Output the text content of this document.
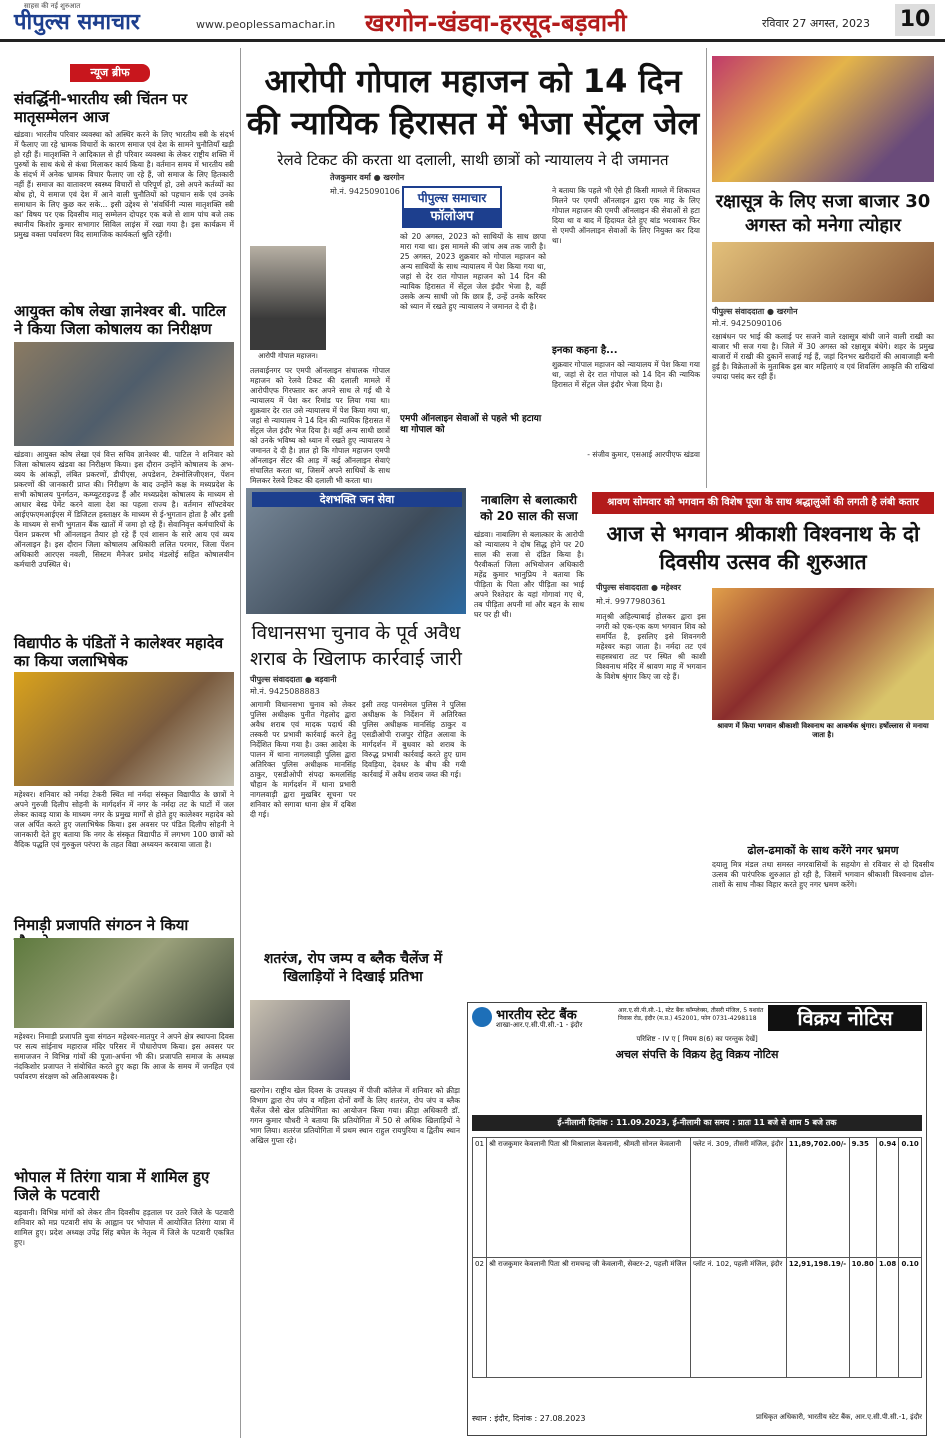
साहस की नई शुरुआत
पीपुल्स समाचार	www.peoplessamachar.in खरगोन-खंडवा-हरसूद-बड़वानी	रविवार 27 अगस्त, 2023 10
न्यूज ब्रीफ
संवर्द्धिनी-भारतीय स्त्री चिंतन पर मातृसम्मेलन आज
खंडवा। भारतीय परिवार व्यवस्था को अस्थिर करने के लिए भारतीय स्त्री के संदर्भ में फैलाए जा रहे भ्रामक विचारों के कारण समाज एवं देश के सामने चुनौतियाँ खड़ी हो रही हैं। मातृशक्ति ने आदिकाल से ही परिवार व्यवस्था के लेकर राष्ट्रीय शक्ति में पुरुषों के साथ कंधे से कंधा मिलाकर कार्य किया है। वर्तमान समय में भारतीय स्त्री के संदर्भ में अनेक भ्रामक विचार फैलाए जा रहे हैं, जो समाज के लिए हितकारी नहीं हैं। समाज का वातावरण स्वस्थ्य विचारों से परिपूर्ण हो, उसे अपने कर्तव्यों का बोध हो, ये समाज एवं देश में आने वाली चुनौतियों को पहचान सकें एवं उनके समाधान के लिए कुछ कर सके... इसी उद्देश्य से 'संवर्धिनी न्यास मातृशक्ति स्त्री का' विषय पर एक दिवसीय मातृ सम्मेलन दोपहर एक बजे से शाम पांच बजे तक स्थानीय किशोर कुमार सभागार सिविल लाइंस में रखा गया है। इस कार्यक्रम में प्रमुख वक्ता पर्यावरण विद सामाजिक कार्यकर्ता श्रुति रहेंगी।
आयुक्त कोष लेखा ज्ञानेश्वर बी. पाटिल ने किया जिला कोषालय का निरीक्षण
खंडवा। आयुक्त कोष लेखा एवं वित्त सचिव ज्ञानेश्वर बी. पाटिल ने शनिवार को जिला कोषालय खंडवा का निरीक्षण किया। इस दौरान उन्होंने कोषालय के अभ-व्यय के आंकड़ों, लंबित प्रकरणों, डीपीएस, अपडेशन, टेक्नोलिजीएशन, पेंशन प्रकरणों की जानकारी प्राप्त की। निरीक्षण के बाद उन्होंने कक्ष के मध्यप्रदेश के सभी कोषालय पुनर्गठन, कम्प्यूटराइज्ड हैं और मध्यप्रदेश कोषालय के माध्यम से आधार बेस्ड पेमेंट करने वाला देश का पहला राज्य है। वर्तमान सॉफ्टवेयर आईएफएमआईएस में डिजिटल हस्ताक्षर के माध्यम से ई-भुगतान होता है और इसी के माध्यम से सभी भुगतान बैंक खातों में जमा हो रहे हैं। सेवानिवृत्त कर्मचारियों के पेंशन प्रकरण भी ऑनलाइन तैयार हो रहे हैं एवं शासन के सारे आय एवं व्यय ऑनलाइन है। इस दौरान जिला कोषालय अधिकारी ललित परमार, जिला पेंशन अधिकारी आरएस नवली, सिस्टम मैनेजर प्रमोद मंडलोई सहित कोषालयीन कर्मचारी उपस्थित थे।
विद्यापीठ के पंडितों ने कालेश्वर महादेव का किया जलाभिषेक
महेश्वर। शनिवार को नर्मदा टेकरी स्थित मां नर्मदा संस्कृत विद्यापीठ के छात्रों ने अपने गुरुजी दिलीप सोहनी के मार्गदर्शन में नगर के नर्मदा तट के घाटों में जल लेकर कावड़ यात्रा के माध्यम नगर के प्रमुख मार्गों से होते हुए कालेश्वर महादेव को जल अर्पित करते हुए जलाभिषेक किया। इस अवसर पर पंडित दिलीप सोहनी ने जानकारी देते हुए बताया कि नगर के संस्कृत विद्यापीठ में लगभग 100 छात्रों को वैदिक पद्धति एवं गुरुकुल परंपरा के तहत विद्या अध्ययन करवाया जाता है।
निमाड़ी प्रजापति संगठन ने किया
महेश्वर। निमाड़ी प्रजापति युवा संगठन महेश्वर-मातपुर ने अपने क्षेत्र स्थापना दिवस पर सत्य सांईनाथ महाराज मंदिर परिसर में पौधारोपण किया। इस अवसर पर समाजजन ने विभिन्न गांवों की पूजा-अर्चना भी की। प्रजापति समाज के अध्यक्ष नंदकिशोर प्रजापत ने संबोधित करते हुए कहा कि आज के समय में जनहित एवं पर्यावरण संरक्षण को अतिआवश्यक है।
भोपाल में तिरंगा यात्रा में शामिल हुए जिले के पटवारी
बड़वानी। विभिन्न मांगों को लेकर तीन दिवसीय हड़ताल पर उतरे जिले के पटवारी शनिवार को मप्र पटवारी संघ के आह्वान पर भोपाल में आयोजित तिरंगा यात्रा में शामिल हुए। प्रदेश अध्यक्ष उपेंद्र सिंह बघेल के नेतृत्व में जिले के पटवारी एकत्रित हुए।
आरोपी गोपाल महाजन को 14 दिन की न्यायिक हिरासत में भेजा सेंट्रल जेल
रेलवे टिकट की करता था दलाली, साथी छात्रों को न्यायालय ने दी जमानत
तेजकुमार वर्मा ● खरगोन
मो.नं. 9425090106	पीपुल्स समाचार
फॉलोअप
आरोपी गोपाल महाजन।
तलवाईनगर पर एमपी ऑनलाइन संचालक गोपाल महाजन को रेलवे टिकट की दलाली मामले में आरोपीएफ गिरफ्तार कर अपने साथ ले गई थी ये न्यायालय में पेश कर रिमांड पर लिया गया था। शुक्रवार देर रात उसे न्यायालय में पेश किया गया था, जहां से न्यायालय ने 14 दिन की न्यायिक हिरासत में सेंट्रल जेल इंदौर भेज दिया है। वहीं अन्य साथी छात्रों को उनके भविष्य को ध्यान में रखते हुए न्यायालय ने जमानत दे दी है। ज्ञात हो कि गोपाल महाजन एमपी ऑनलाइन सेंटर की आड़ में कई ऑनलाइन सेवाएं संचालित करता था, जिसमें अपने साथियों के साथ मिलकर रेलवे टिकट की दलाली भी करता था।
को 20 अगस्त, 2023 को साथियों के साथ छापा मारा गया था। इस मामले की जांच अब तक जारी है। 25 अगस्त, 2023 शुक्रवार को गोपाल महाजन को अन्य साथियों के साथ न्यायालय में पेश किया गया था, जहां से देर रात गोपाल महाजन को 14 दिन की न्यायिक हिरासत में सेंट्रल जेल इंदौर भेजा है, वहीं उसके अन्य साथी जो कि छात्र हैं, उन्हें उनके करियर को ध्यान में रखते हुए न्यायालय ने जमानत दे दी है।
एमपी ऑनलाइन सेवाओं से पहले भी हटाया था गोपाल को
ने बताया कि पहले भी ऐसे ही किसी मामले में शिकायत मिलने पर एमपी ऑनलाइन द्वारा एक माह के लिए गोपाल महाजन की एमपी ऑनलाइन की सेवाओं से हटा दिया था व बाद में हिदायत देते हुए बांड भरवाकर फिर से एमपी ऑनलाइन सेवाओं के लिए नियुक्त कर दिया था।
इनका कहना है...
शुक्रवार गोपाल महाजन को न्यायालय में पेश किया गया था, जहां से देर रात गोपाल को 14 दिन की न्यायिक हिरासत में सेंट्रल जेल इंदौर भेजा दिया है।
- संजीव कुमार, एसआई आरपीएफ खंडवा
रक्षासूत्र के लिए सजा बाजार 30 अगस्त को मनेगा त्योहार
पीपुल्स संवाददाता ● खरगोन
मो.नं. 9425090106
रक्षाबंधन पर भाई की कलाई पर सजने वाले रक्षासूत्र बांधी जाने वाली राखी का बाजार भी सज गया है। जिले में 30 अगस्त को रक्षासूत्र बंधेगे। शहर के प्रमुख बाजारों में राखी की दुकानें सजाई गई हैं, जहां दिनभर खरीदारों की आवाजाही बनी हुई है। विक्रेताओं के मुताबिक इस बार महिलाएं व एवं शिवलिंग आकृति की राखियां ज्यादा पसंद कर रही हैं।
देशभक्ति जन सेवा
विधानसभा चुनाव के पूर्व अवैध शराब के खिलाफ कार्रवाई जारी
पीपुल्स संवाददाता ● बड़वानी
मो.नं. 9425088883
आगामी विधानसभा चुनाव को लेकर पुलिस अधीक्षक पुनीत गेहलोद द्वारा अवैध शराब एवं मादक पदार्थ की तस्करी पर प्रभावी कार्रवाई करने हेतु निर्देशित किया गया है। उक्त आदेश के पालन में थाना नागलवाड़ी पुलिस द्वारा अतिरिक्त पुलिस अधीक्षक मानसिंह ठाकुर, एसडीओपी संपदा कमलसिंह चौहान के मार्गदर्शन में थाना प्रभारी नागलवाड़ी द्वारा मुखबिर सूचना पर शनिवार को सगावा थाना क्षेत्र में दबिश दी गई।
इसी तरह पानसेमल पुलिस ने पुलिस अधीक्षक के निर्देशन में अतिरिक्त पुलिस अधीक्षक मानसिंह ठाकुर व एसडीओपी राजपुर रोहित अलावा के मार्गदर्शन में बुधवार को शराब के विरुद्ध प्रभावी कार्रवाई करते हुए ग्राम दिवड़िया, देवधर के बीच की गयी कार्रवाई में अवैध शराब जब्त की गई।
नाबालिग से बलात्कारी को 20 साल की सजा
खंडवा। नाबालिग से बलात्कार के आरोपी को न्यायालय ने दोष सिद्ध होने पर 20 साल की सजा से दंडित किया है। पैरवीकर्ता जिला अभियोजन अधिकारी महेंद्र कुमार भानुप्रिय ने बताया कि पीड़िता के पिता और पीड़िता का भाई अपने रिश्तेदार के यहां गोगावां गए थे, तब पीड़िता अपनी मां और बहन के साथ घर पर ही थी।
श्रावण सोमवार को भगवान की विशेष पूजा के साथ श्रद्धालुओं की लगती है लंबी कतार
आज से भगवान श्रीकाशी विश्वनाथ के दो दिवसीय उत्सव की शुरुआत
पीपुल्स संवाददाता ● महेश्वर
मो.नं. 9977980361
मातृश्री अहिल्याबाई होलकर द्वारा इस नगरी को एक-एक कण भगवान शिव को समर्पित है, इसलिए इसे शिवनगरी महेश्वर कहा जाता है। नर्मदा तट एवं सहस्त्रधारा तट पर स्थित श्री काशी विश्वनाथ मंदिर में श्रावण माह में भगवान के विशेष श्रृंगार किए जा रहे हैं।
श्रावण में किया भगवान श्रीकाशी विश्वनाथ का आकर्षक श्रृंगार। हर्षोल्लास से मनाया जाता है।
ढोल-ढमाकों के साथ करेंगे नगर भ्रमण
दयालु मित्र मंडल तथा समस्त नगरवासियों के सहयोग से रविवार से दो दिवसीय उत्सव की पारंपरिक शुरुआत हो रही है, जिसमें भगवान श्रीकाशी विश्वनाथ ढोल-ताशों के साथ नौका विहार करते हुए नगर भ्रमण करेंगे।
शतरंज, रोप जम्प व ब्लैक चैलेंज में खिलाड़ियों ने दिखाई प्रतिभा
खरगोन। राष्ट्रीय खेल दिवस के उपलक्ष्य में पीजी कॉलेज में शनिवार को क्रीड़ा विभाग द्वारा रोप जंप व महिला दोनों वर्गों के लिए शतरंज, रोप जंप व ब्लैक चैलेंज जैसे खेल प्रतियोगिता का आयोजन किया गया। क्रीड़ा अधिकारी डॉ. गगन कुमार चौधरी ने बताया कि प्रतियोगिता में 50 से अधिक खिलाड़ियों ने भाग लिया। शतरंज प्रतियोगिता में प्रथम स्थान राहुल रायपुरिया व द्वितीय स्थान अखिल गुप्ता रहे।
भारतीय स्टेट बैंक
शाखा-आर.ए.सी.पी.सी.-1 - इंदौर
आर.ए.सी.पी.सी.-1, स्टेट बैंक कॉम्प्लेक्स, तीसरी मंजिल, 5 यशवंत निवास रोड, इंदौर (म.प्र.) 452001, फोन 0731-4298118	विक्रय नोटिस
परिशिष्ट - IV ए [ नियम 8(6) का परन्तुक देखें]
अचल संपत्ति के विक्रय हेतु विक्रय नोटिस
ई-नीलामी दिनांक : 11.09.2023, ई-नीलामी का समय : प्रातः 11 बजे से शाम 5 बजे तक
01	श्री राजकुमार केवलानी पिता श्री मिश्रालाल केवलानी, श्रीमती सोनल केवलानी	फ्लेट नं. 309, तीसरी मंजिल, इंदौर	11,89,702.00/-	9.35	0.94	0.10
02	श्री राजकुमार केवलानी पिता श्री रामचन्द्र जी केवलानी, सेक्टर-2, पहली मंजिल	प्लॉट नं. 102, पहली मंजिल, इंदौर	12,91,198.19/-	10.80	1.08	0.10
स्थान : इंदौर, दिनांक : 27.08.2023	प्राधिकृत अधिकारी, भारतीय स्टेट बैंक, आर.ए.सी.पी.सी.-1, इंदौर
